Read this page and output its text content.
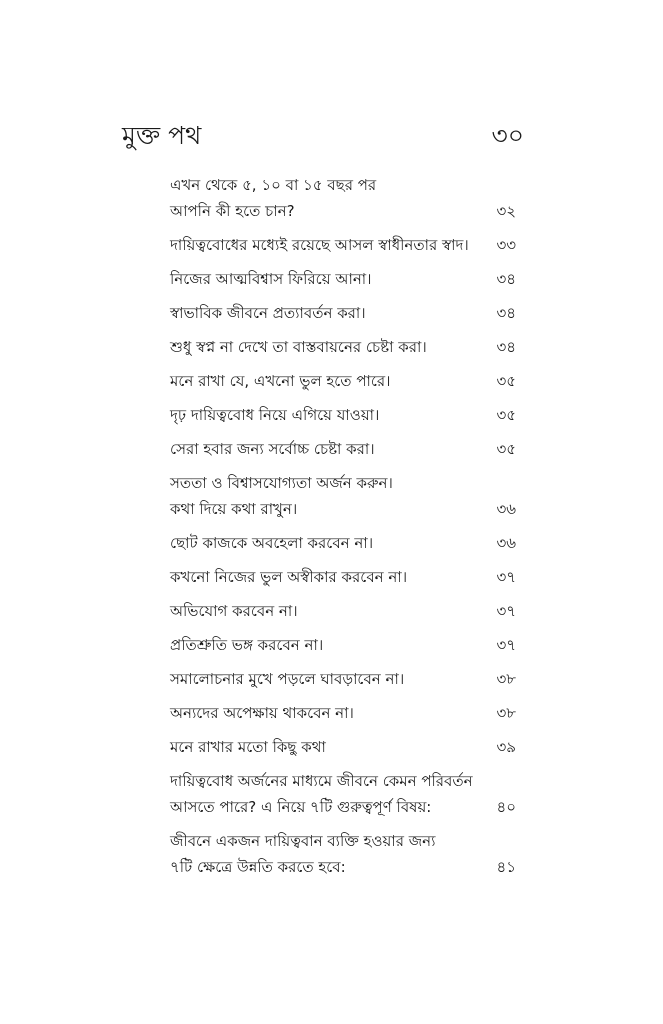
মুক্ত পথ	৩০
এখন থেকে ৫, ১০ বা ১৫ বছর পর
আপনি কী হতে চান?	৩২
দায়িত্ববোধের মধ্যেই রয়েছে আসল স্বাধীনতার স্বাদ। ৩৩
নিজের আত্মবিশ্বাস ফিরিয়ে আনা।	৩৪
স্বাভাবিক জীবনে প্রত্যাবর্তন করা।	৩৪
শুধু স্বপ্ন না দেখে তা বাস্তবায়নের চেষ্টা করা।	৩৪
মনে রাখা যে, এখনো ভুল হতে পারে।	৩৫
দৃঢ় দায়িত্ববোধ নিয়ে এগিয়ে যাওয়া।	৩৫
সেরা হবার জন্য সর্বোচ্চ চেষ্টা করা।	৩৫
সততা ও বিশ্বাসযোগ্যতা অর্জন করুন।
কথা দিয়ে কথা রাখুন।	৩৬
ছোট কাজকে অবহেলা করবেন না।	৩৬
কখনো নিজের ভুল অস্বীকার করবেন না।	৩৭
অভিযোগ করবেন না।	৩৭
প্রতিশ্রুতি ভঙ্গ করবেন না।	৩৭
সমালোচনার মুখে পড়লে ঘাবড়াবেন না।	৩৮
অন্যদের অপেক্ষায় থাকবেন না।	৩৮
মনে রাখার মতো কিছু কথা	৩৯
দায়িত্ববোধ অর্জনের মাধ্যমে জীবনে কেমন পরিবর্তন
আসতে পারে? এ নিয়ে ৭টি গুরুত্বপূর্ণ বিষয়:	৪০
জীবনে একজন দায়িত্ববান ব্যক্তি হওয়ার জন্য
৭টি ক্ষেত্রে উন্নতি করতে হবে:	৪১
